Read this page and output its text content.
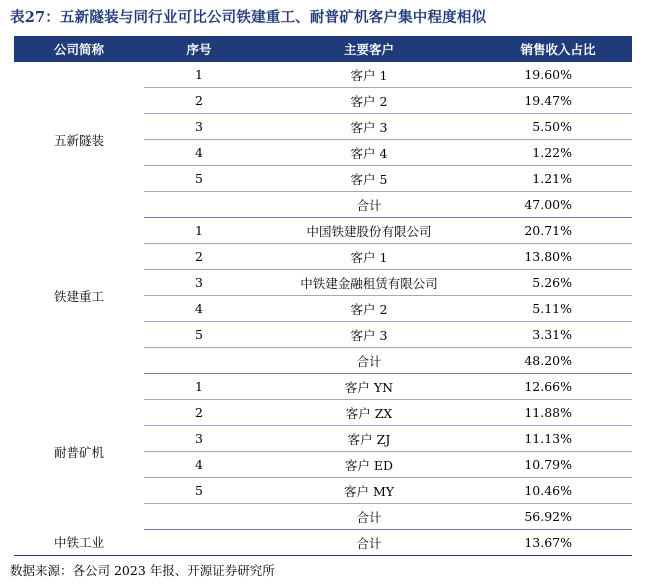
表27：五新隧装与同行业可比公司铁建重工、耐普矿机客户集中程度相似
公司简称	序号	主要客户	销售收入占比
五新隧装	1	客户 1	19.60%
	2	客户 2	19.47%
	3	客户 3	5.50%
	4	客户 4	1.22%
	5	客户 5	1.21%
		合计	47.00%
铁建重工	1	中国铁建股份有限公司	20.71%
	2	客户 1	13.80%
	3	中铁建金融租赁有限公司	5.26%
	4	客户 2	5.11%
	5	客户 3	3.31%
		合计	48.20%
耐普矿机	1	客户 YN	12.66%
	2	客户 ZX	11.88%
	3	客户 ZJ	11.13%
	4	客户 ED	10.79%
	5	客户 MY	10.46%
		合计	56.92%
中铁工业		合计	13.67%
数据来源：各公司 2023 年报、开源证券研究所
